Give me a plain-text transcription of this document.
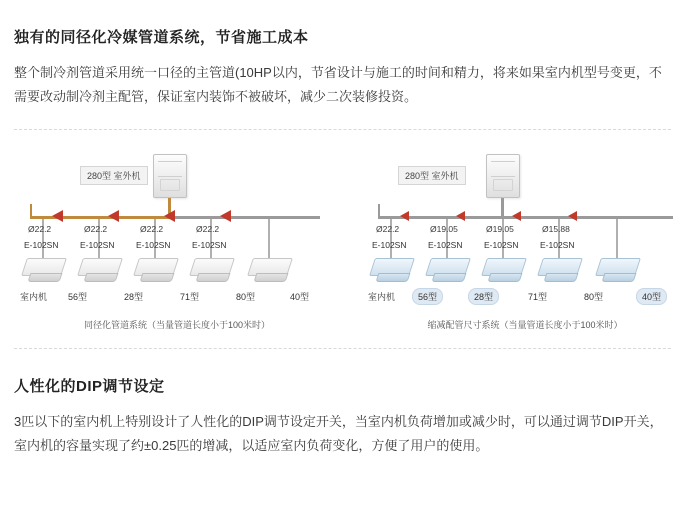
独有的同径化冷媒管道系统，节省施工成本

整个制冷剂管道采用统一口径的主管道(10HP以内，节省设计与施工的时间和精力，将来如果室内机型号变更，不需要改动制冷剂主配管，保证室内装饰不被破坏，减少二次装修投资。

280型 室外机
Ø22.2	Ø22.2	Ø22.2	Ø22.2
E-102SN	E-102SN	E-102SN	E-102SN
室内机 56型	28型	71型	80型	40型
同径化管道系统（当量管道长度小于100米时）
280型 室外机
Ø22.2	Ø19.05	Ø19.05	Ø15.88
E-102SN	E-102SN	E-102SN	E-102SN
室内机	56型	28型	71型	80型	40型
缩减配管尺寸系统（当量管道长度小于100米时）
人性化的DIP调节设定

3匹以下的室内机上特别设计了人性化的DIP调节设定开关，当室内机负荷增加或减少时，可以通过调节DIP开关，室内机的容量实现了约±0.25匹的增减，以适应室内负荷变化，方便了用户的使用。
